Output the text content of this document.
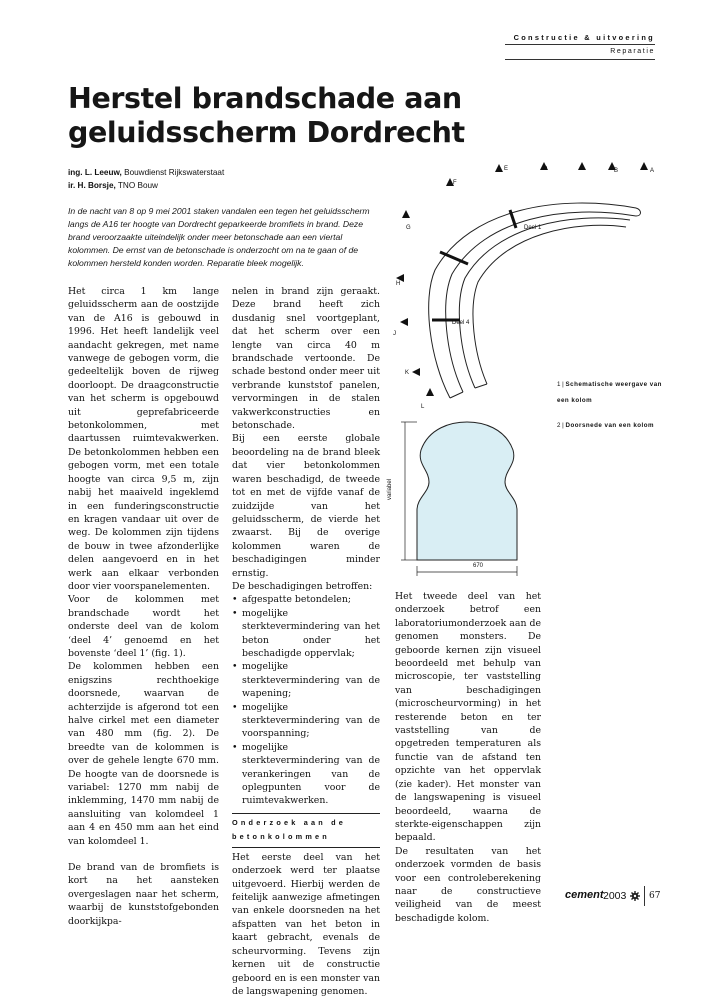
Constructie & uitvoering
Reparatie
Herstel brandschade aan geluidsscherm Dordrecht
ing. L. Leeuw, Bouwdienst Rijkswaterstaat
ir. H. Borsje, TNO Bouw

In de nacht van 8 op 9 mei 2001 staken vandalen een tegen het geluidsscherm langs de A16 ter hoogte van Dordrecht geparkeerde bromfiets in brand. Deze brand veroorzaakte uiteindelijk onder meer betonschade aan een viertal kolommen. De ernst van de betonschade is onderzocht om na te gaan of de kolommen hersteld konden worden. Reparatie bleek mogelijk.

Het circa 1 km lange geluidsscherm aan de oostzijde van de A16 is gebouwd in 1996. Het heeft landelijk veel aandacht gekregen, met name vanwege de gebogen vorm, die gedeeltelijk boven de rijweg doorloopt. De draagconstructie van het scherm is opgebouwd uit geprefabriceerde betonkolommen, met daartussen ruimtevakwerken. De betonkolommen hebben een gebogen vorm, met een totale hoogte van circa 9,5 m, zijn nabij het maaiveld ingeklemd in een funderingsconstructie en kragen vandaar uit over de weg. De kolommen zijn tijdens de bouw in twee afzonderlijke delen aangevoerd en in het werk aan elkaar verbonden door vier voorspanelementen.

Voor de kolommen met brandschade wordt het onderste deel van de kolom ‘deel 4’ genoemd en het bovenste ‘deel 1’ (fig. 1).

De kolommen hebben een enigszins rechthoekige doorsnede, waarvan de achterzijde is afgerond tot een halve cirkel met een diameter van 480 mm (fig. 2). De breedte van de kolommen is over de gehele lengte 670 mm. De hoogte van de doorsnede is variabel: 1270 mm nabij de inklemming, 1470 mm nabij de aansluiting van kolomdeel 1 aan 4 en 450 mm aan het eind van kolomdeel 1.

De brand van de bromfiets is kort na het aansteken overgeslagen naar het scherm, waarbij de kunststofgebonden doorkijkpa-

nelen in brand zijn geraakt. Deze brand heeft zich dusdanig snel voortgeplant, dat het scherm over een lengte van circa 40 m brandschade vertoonde. De schade bestond onder meer uit verbrande kunststof panelen, vervormingen in de stalen vakwerkconstructies en betonschade.

Bij een eerste globale beoordeling na de brand bleek dat vier betonkolommen waren beschadigd, de tweede tot en met de vijfde vanaf de zuidzijde van het geluidsscherm, de vierde het zwaarst. Bij de overige kolommen waren de beschadigingen minder ernstig.

De beschadigingen betroffen:

• afgespatte betondelen;
• mogelijke sterktevermindering van het beton onder het beschadigde oppervlak;
• mogelijke sterktevermindering van de wapening;
• mogelijke sterktevermindering van de voorspanning;
• mogelijke sterktevermindering van de verankeringen van de oplegpunten voor de ruimtevakwerken.
Onderzoek aan de
betonkolommen

Het eerste deel van het onderzoek werd ter plaatse uitgevoerd. Hierbij werden de feitelijk aanwezige afmetingen van enkele doorsneden na het afspatten van het beton in kaart gebracht, evenals de scheurvorming. Tevens zijn kernen uit de constructie geboord en is een monster van de langswapening genomen.

Het tweede deel van het onderzoek betrof een laboratoriumonderzoek aan de genomen monsters. De geboorde kernen zijn visueel beoordeeld met behulp van microscopie, ter vaststelling van beschadigingen (microscheurvorming) in het resterende beton en ter vaststelling van de opgetreden temperaturen als functie van de afstand ten opzichte van het oppervlak (zie kader). Het monster van de langswapening is visueel beoordeeld, waarna de sterkte-eigenschappen zijn bepaald.

De resultaten van het onderzoek vormden de basis voor een controleberekening naar de constructieve veiligheid van de meest beschadigde kolom.

A
B
C
D
E
F
G
H
J
K
L
Deel 1
Deel 4
670
variabel
1 | Schematische weergave van een kolom
2 | Doorsnede van een kolom
cement 2003	67
